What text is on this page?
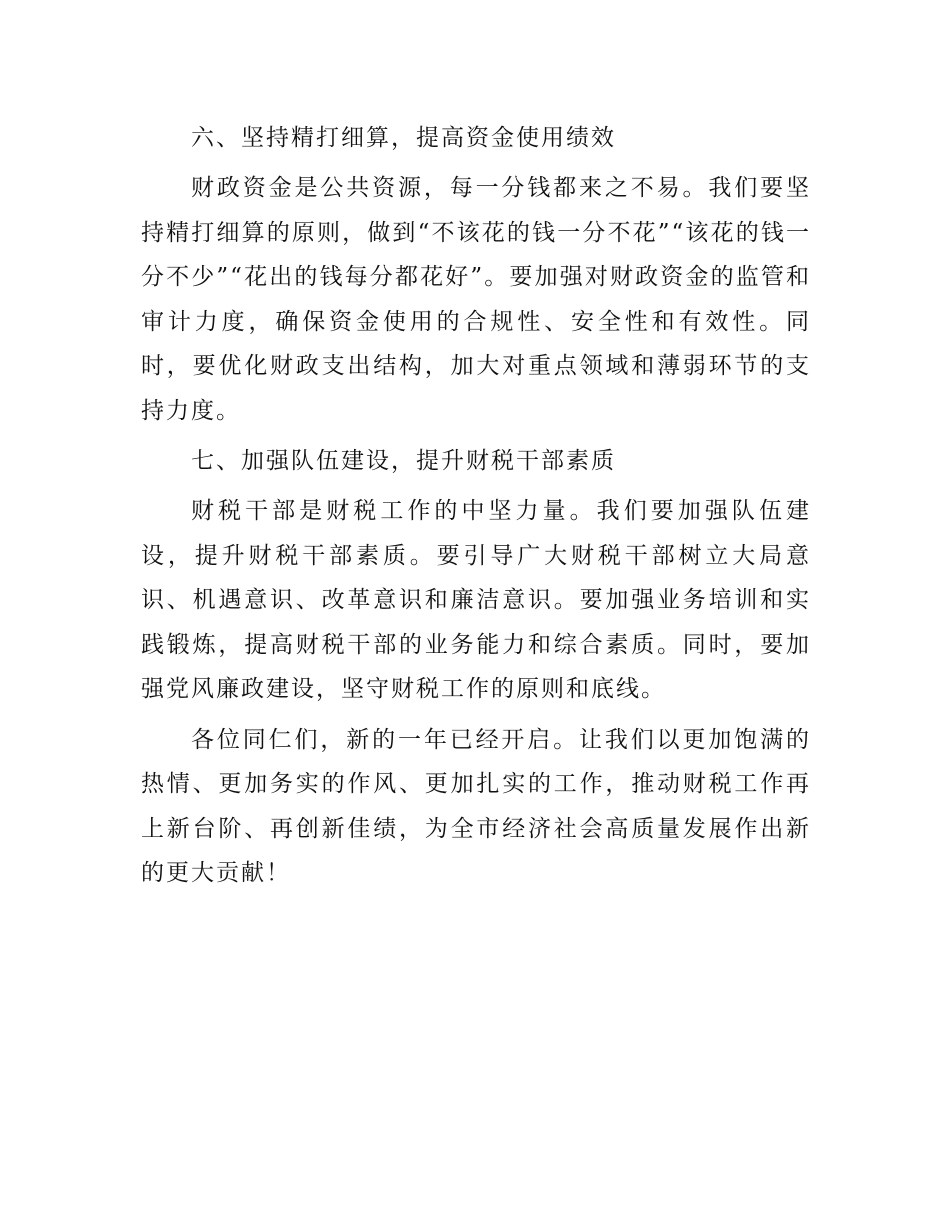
六、坚持精打细算，提高资金使用绩效

财政资金是公共资源，每一分钱都来之不易。我们要坚持精打细算的原则，做到“不该花的钱一分不花”“该花的钱一分不少”“花出的钱每分都花好”。要加强对财政资金的监管和审计力度，确保资金使用的合规性、安全性和有效性。同时，要优化财政支出结构，加大对重点领域和薄弱环节的支持力度。

七、加强队伍建设，提升财税干部素质

财税干部是财税工作的中坚力量。我们要加强队伍建设，提升财税干部素质。要引导广大财税干部树立大局意识、机遇意识、改革意识和廉洁意识。要加强业务培训和实践锻炼，提高财税干部的业务能力和综合素质。同时，要加强党风廉政建设，坚守财税工作的原则和底线。

各位同仁们，新的一年已经开启。让我们以更加饱满的热情、更加务实的作风、更加扎实的工作，推动财税工作再上新台阶、再创新佳绩，为全市经济社会高质量发展作出新的更大贡献！
